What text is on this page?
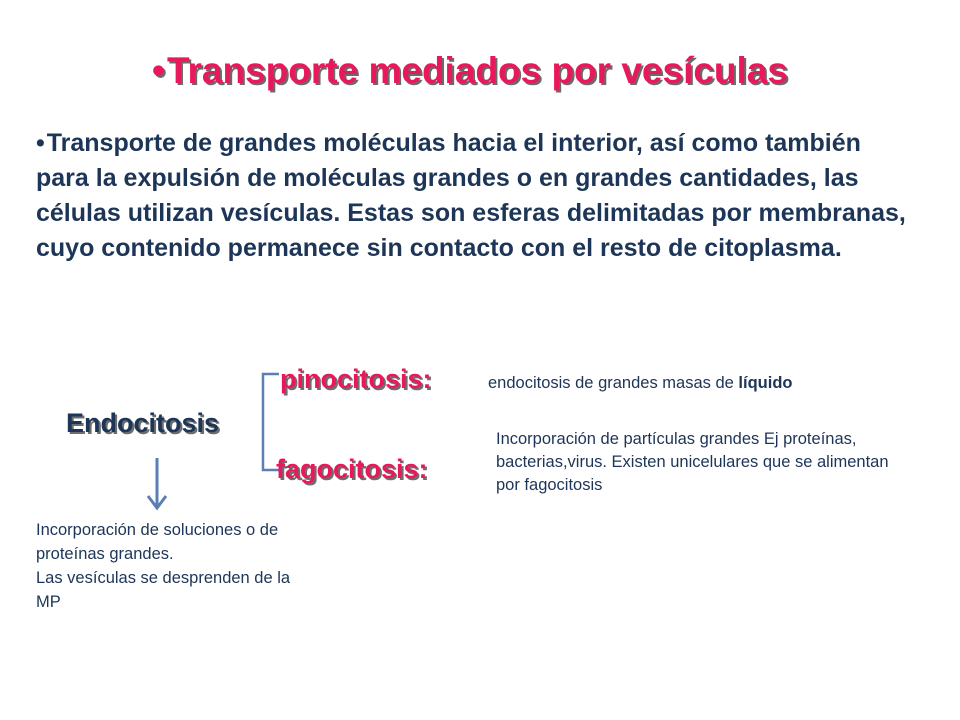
•Transporte mediados por vesículas
•Transporte de grandes moléculas hacia el interior, así como también para la expulsión de moléculas grandes o en grandes cantidades, las células utilizan vesículas. Estas son esferas delimitadas por membranas, cuyo contenido permanece sin contacto con el resto de citoplasma.
pinocitosis:
fagocitosis:
Endocitosis
endocitosis de grandes masas de líquido
Incorporación de partículas grandes Ej proteínas, bacterias,virus. Existen unicelulares que se alimentan por fagocitosis
Incorporación de soluciones o de proteínas grandes.
Las vesículas se desprenden de la MP
